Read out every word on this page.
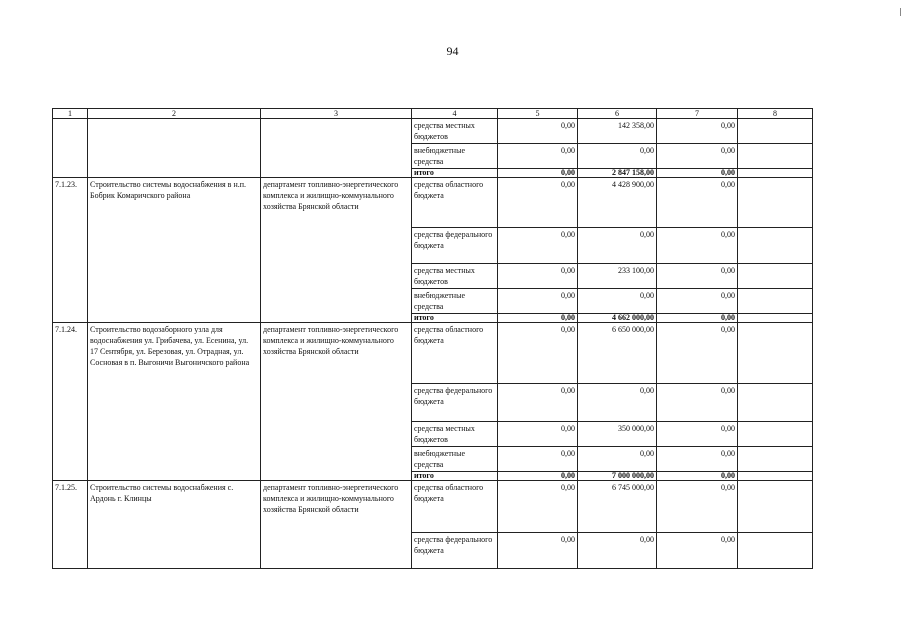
94
1	2	3	4	5	6	7	8
			средства местных бюджетов	0,00	142 358,00	0,00	
			внебюджетные средства	0,00	0,00	0,00	
			итого	0,00	2 847 158,00	0,00	
7.1.23.	Строительство системы водоснабжения в н.п. Бобрик Комаричского района	департамент топливно-энергетического комплекса и жилищно-коммунального хозяйства Брянской области	средства областного бюджета	0,00	4 428 900,00	0,00	
			средства федерального бюджета	0,00	0,00	0,00	
			средства местных бюджетов	0,00	233 100,00	0,00	
			внебюджетные средства	0,00	0,00	0,00	
			итого	0,00	4 662 000,00	0,00	
7.1.24.	Строительство водозаборного узла для водоснабжения ул. Грибачева, ул. Есенина, ул. 17 Сентября, ул. Березовая, ул. Отрадная, ул. Сосновая в п. Выгоничи Выгоничского района	департамент топливно-энергетического комплекса и жилищно-коммунального хозяйства Брянской области	средства областного бюджета	0,00	6 650 000,00	0,00	
			средства федерального бюджета	0,00	0,00	0,00	
			средства местных бюджетов	0,00	350 000,00	0,00	
			внебюджетные средства	0,00	0,00	0,00	
			итого	0,00	7 000 000,00	0,00	
7.1.25.	Строительство системы водоснабжения с. Ардонь г. Клинцы	департамент топливно-энергетического комплекса и жилищно-коммунального хозяйства Брянской области	средства областного бюджета	0,00	6 745 000,00	0,00	
			средства федерального бюджета	0,00	0,00	0,00	
